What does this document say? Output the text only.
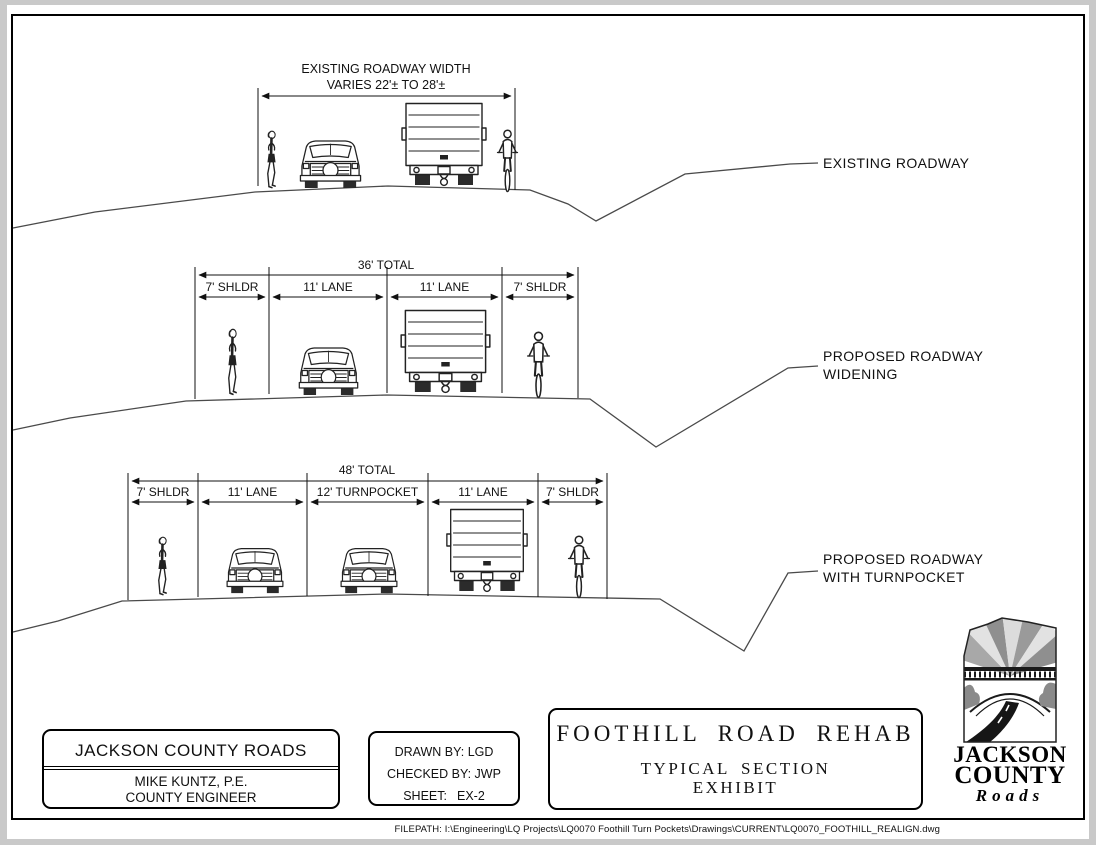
EXISTING ROADWAY WIDTH
VARIES 22'± TO 28'±
EXISTING ROADWAY
36' TOTAL
7' SHLDR	11' LANE	11' LANE	7' SHLDR
PROPOSED ROADWAY
WIDENING
48' TOTAL
7' SHLDR	11' LANE	12' TURNPOCKET	11' LANE	7' SHLDR
PROPOSED ROADWAY
WITH TURNPOCKET
JACKSON COUNTY ROADS
MIKE KUNTZ, P.E.
COUNTY ENGINEER
DRAWN BY: LGD
CHECKED BY: JWP
SHEET: EX-2
FOOTHILL ROAD REHAB
TYPICAL SECTION
EXHIBIT
JACKSON
COUNTY
Roads
FILEPATH: I:\Engineering\LQ Projects\LQ0070 Foothill Turn Pockets\Drawings\CURRENT\LQ0070_FOOTHILL_REALIGN.dwg
